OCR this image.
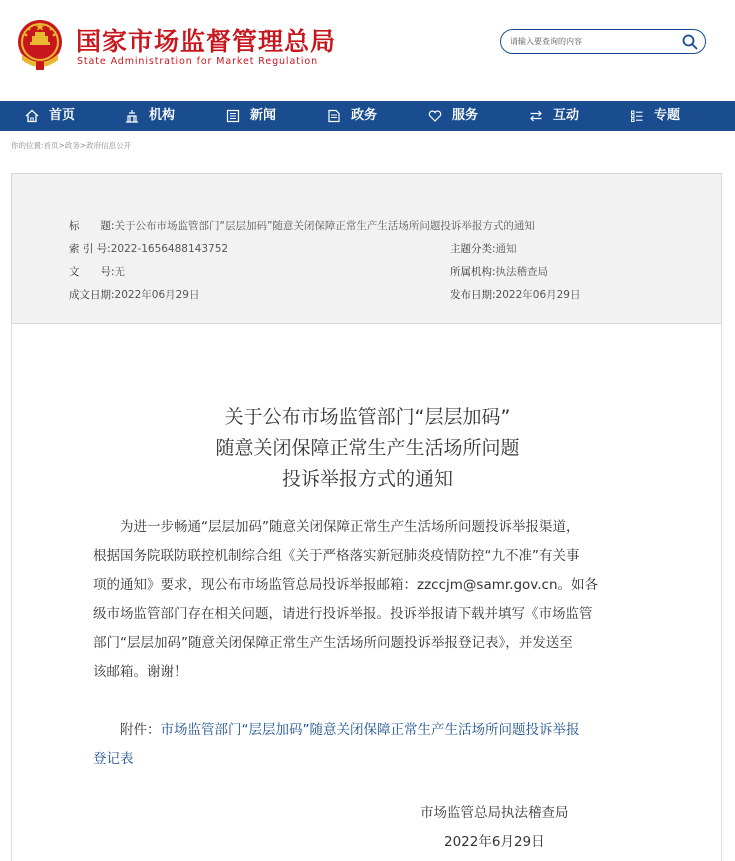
国家市场监督管理总局
State Administration for Market Regulation
请输入要查询的内容
首页	机构	新闻	政务	服务	互动	专题
你的位置:首页>政务>政府信息公开
标　　题:关于公布市场监管部门“层层加码”随意关闭保障正常生产生活场所问题投诉举报方式的通知
索 引 号:2022-1656488143752	主题分类:通知
文　　号:无	所属机构:执法稽查局
成文日期:2022年06月29日	发布日期:2022年06月29日
关于公布市场监管部门“层层加码”
随意关闭保障正常生产生活场所问题
投诉举报方式的通知
　　为进一步畅通“层层加码”随意关闭保障正常生产生活场所问题投诉举报渠道，
根据国务院联防联控机制综合组《关于严格落实新冠肺炎疫情防控“九不准”有关事
项的通知》要求，现公布市场监管总局投诉举报邮箱：zzccjm@samr.gov.cn。如各
级市场监管部门存在相关问题，请进行投诉举报。投诉举报请下载并填写《市场监管
部门“层层加码”随意关闭保障正常生产生活场所问题投诉举报登记表》，并发送至
该邮箱。谢谢！
　　附件：市场监管部门“层层加码”随意关闭保障正常生产生活场所问题投诉举报
登记表
市场监管总局执法稽查局
2022年6月29日
